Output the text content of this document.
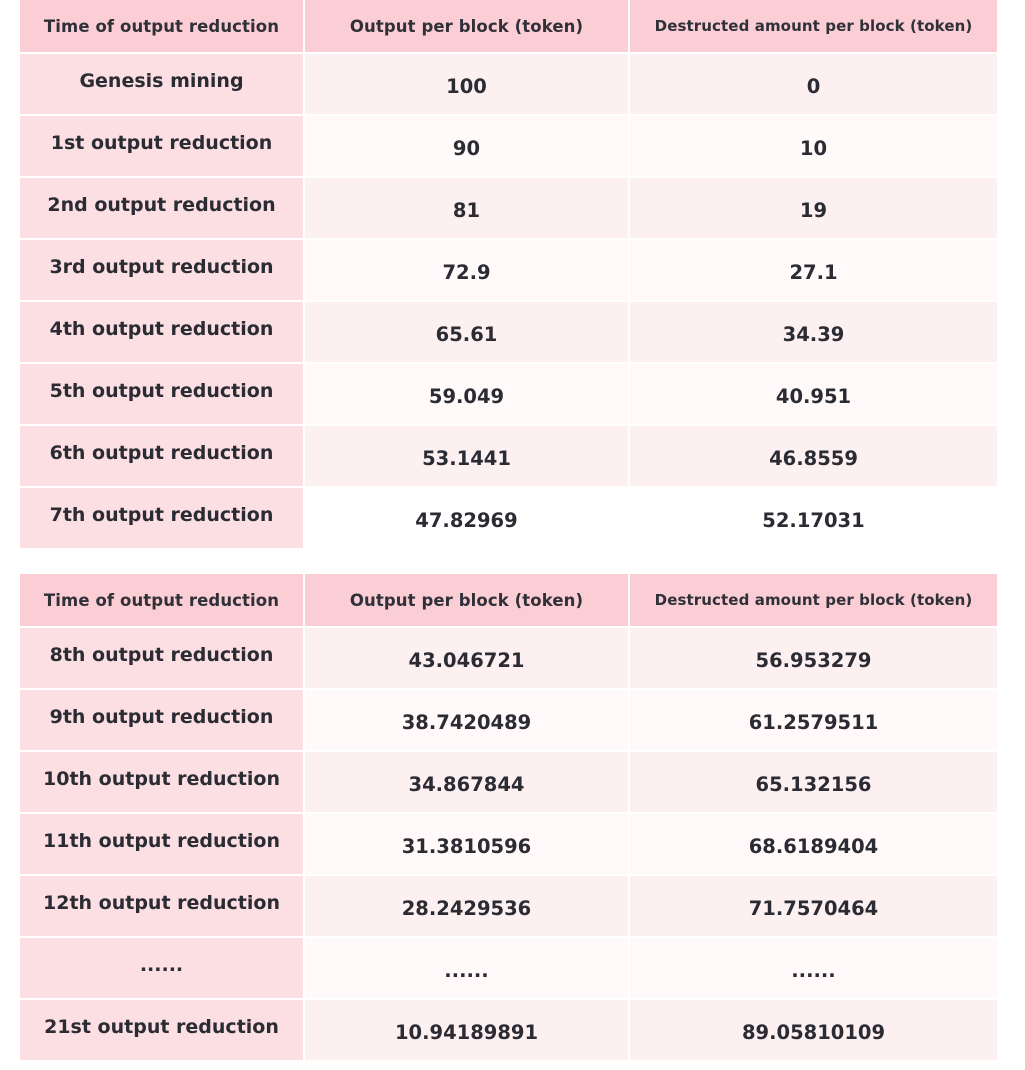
Time of output reduction	Output per block (token)	Destructed amount per block (token)
Genesis mining	100	0
1st output reduction	90	10
2nd output reduction	81	19
3rd output reduction	72.9	27.1
4th output reduction	65.61	34.39
5th output reduction	59.049	40.951
6th output reduction	53.1441	46.8559
7th output reduction	47.82969	52.17031
Time of output reduction	Output per block (token)	Destructed amount per block (token)
8th output reduction	43.046721	56.953279
9th output reduction	38.7420489	61.2579511
10th output reduction	34.867844	65.132156
11th output reduction	31.3810596	68.6189404
12th output reduction	28.2429536	71.7570464
......	......	......
21st output reduction	10.94189891	89.05810109
